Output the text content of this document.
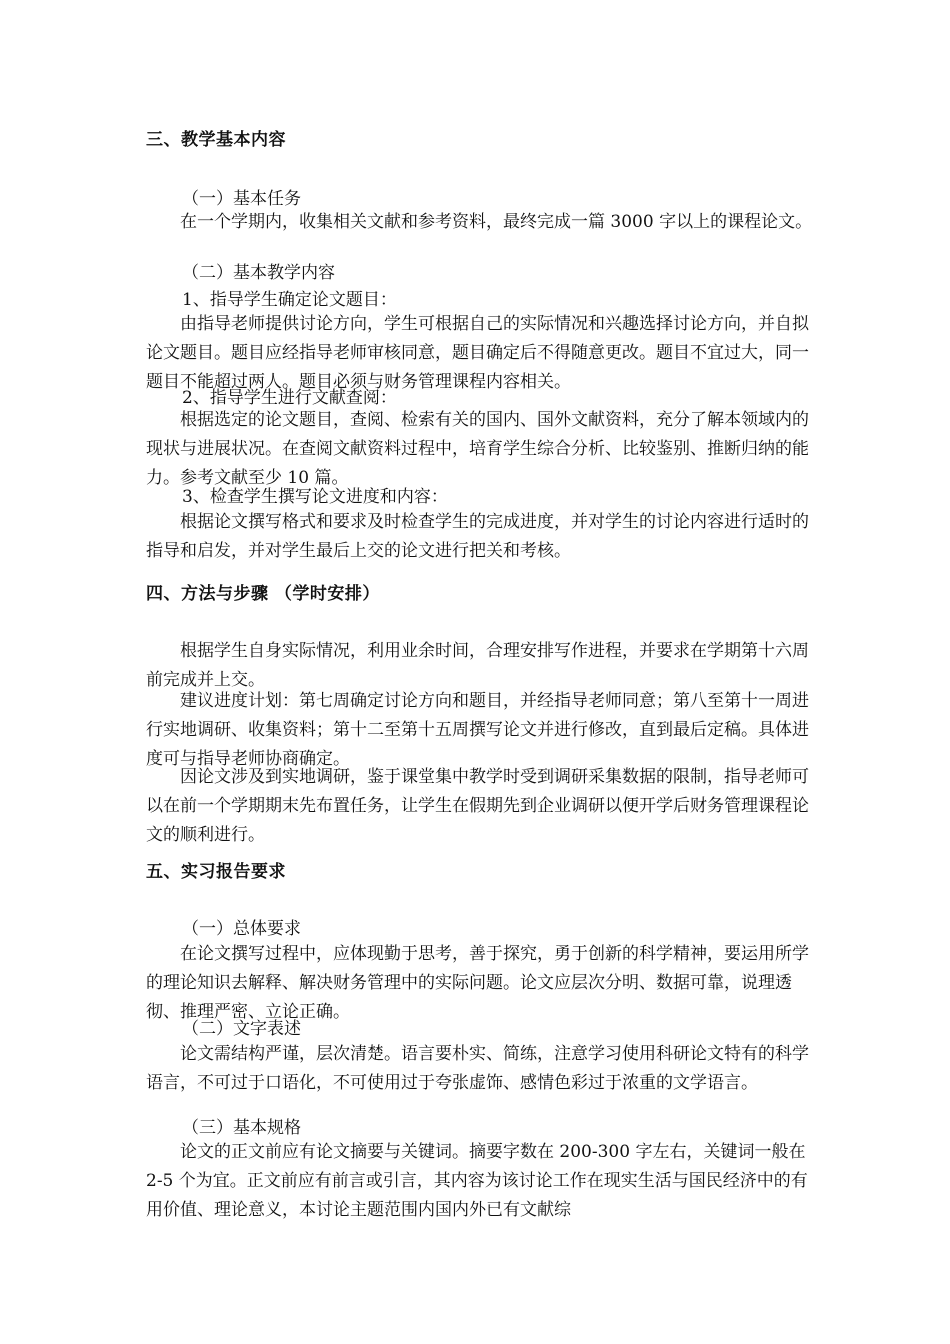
三、教学基本内容

（一）基本任务

在一个学期内，收集相关文献和参考资料，最终完成一篇 3000 字以上的课程论文。

（二）基本教学内容

1、指导学生确定论文题目：

由指导老师提供讨论方向，学生可根据自己的实际情况和兴趣选择讨论方向，并自拟论文题目。题目应经指导老师审核同意，题目确定后不得随意更改。题目不宜过大，同一题目不能超过两人。题目必须与财务管理课程内容相关。

2、指导学生进行文献查阅：

根据选定的论文题目，查阅、检索有关的国内、国外文献资料，充分了解本领域内的现状与进展状况。在查阅文献资料过程中，培育学生综合分析、比较鉴别、推断归纳的能力。参考文献至少 10 篇。

3、检查学生撰写论文进度和内容：

根据论文撰写格式和要求及时检查学生的完成进度，并对学生的讨论内容进行适时的指导和启发，并对学生最后上交的论文进行把关和考核。

四、方法与步骤 （学时安排）

根据学生自身实际情况，利用业余时间，合理安排写作进程，并要求在学期第十六周前完成并上交。

建议进度计划：第七周确定讨论方向和题目，并经指导老师同意；第八至第十一周进行实地调研、收集资料；第十二至第十五周撰写论文并进行修改，直到最后定稿。具体进度可与指导老师协商确定。

因论文涉及到实地调研，鉴于课堂集中教学时受到调研采集数据的限制，指导老师可以在前一个学期期末先布置任务，让学生在假期先到企业调研以便开学后财务管理课程论文的顺利进行。

五、实习报告要求

（一）总体要求

在论文撰写过程中，应体现勤于思考，善于探究，勇于创新的科学精神，要运用所学的理论知识去解释、解决财务管理中的实际问题。论文应层次分明、数据可靠，说理透彻、推理严密、立论正确。

（二）文字表述

论文需结构严谨，层次清楚。语言要朴实、简练，注意学习使用科研论文特有的科学语言，不可过于口语化，不可使用过于夸张虚饰、感情色彩过于浓重的文学语言。

（三）基本规格

论文的正文前应有论文摘要与关键词。摘要字数在 200-300 字左右，关键词一般在 2-5 个为宜。正文前应有前言或引言，其内容为该讨论工作在现实生活与国民经济中的有用价值、理论意义，本讨论主题范围内国内外已有文献综
